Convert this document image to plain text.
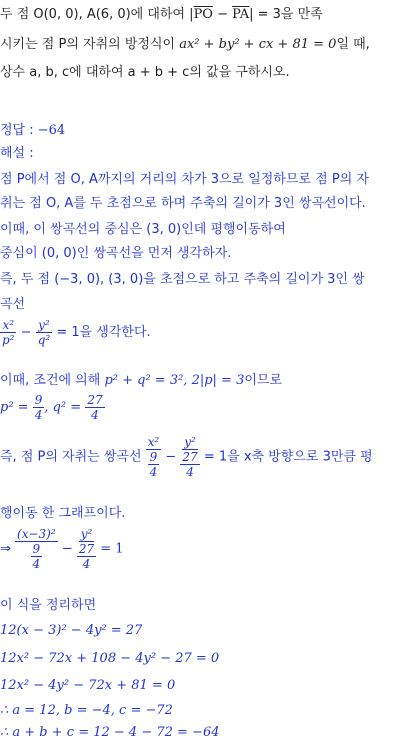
두 점 O(0, 0), A(6, 0)에 대하여 $|\overline{PO} - \overline{PA}| = 3$을 만족
시키는 점 P의 자취의 방정식이 ax² + by² + cx + 81 = 0일 때,
상수 a, b, c에 대하여 a + b + c의 값을 구하시오.
정답 : −64
해설 :
점 P에서 점 O, A까지의 거리의 차가 3으로 일정하므로 점 P의 자
취는 점 O, A를 두 초점으로 하며 주축의 길이가 3인 쌍곡선이다.
이때, 이 쌍곡선의 중심은 (3, 0)인데 평행이동하여
중심이 (0, 0)인 쌍곡선을 먼저 생각하자.
즉, 두 점 (−3, 0), (3, 0)을 초점으로 하고 주축의 길이가 3인 쌍
곡선
$\frac{\text{x²}}{\text{p²}} - \frac{\text{y²}}{\text{q²}} = 1$을 생각한다.
이때, 조건에 의해 p² + q² = 3², 2|p| = 3이므로
$p^2 = \frac{9}{4}$ , $q^2 = \frac{27}{4}$
즉, 점 P의 자취는 쌍곡선 x²
9
4 − y²
27
4 = 1을 x축 방향으로 3만큼 평
행이동 한 그래프이다.
⇒ (x−3)²
9
4 − y²
27
4 = 1
이 식을 정리하면
12(x − 3)² − 4y² = 27
12x² − 72x + 108 − 4y² − 27 = 0
12x² − 4y² − 72x + 81 = 0
∴ a = 12, b = −4, c = −72
∴ a + b + c = 12 − 4 − 72 = −64
